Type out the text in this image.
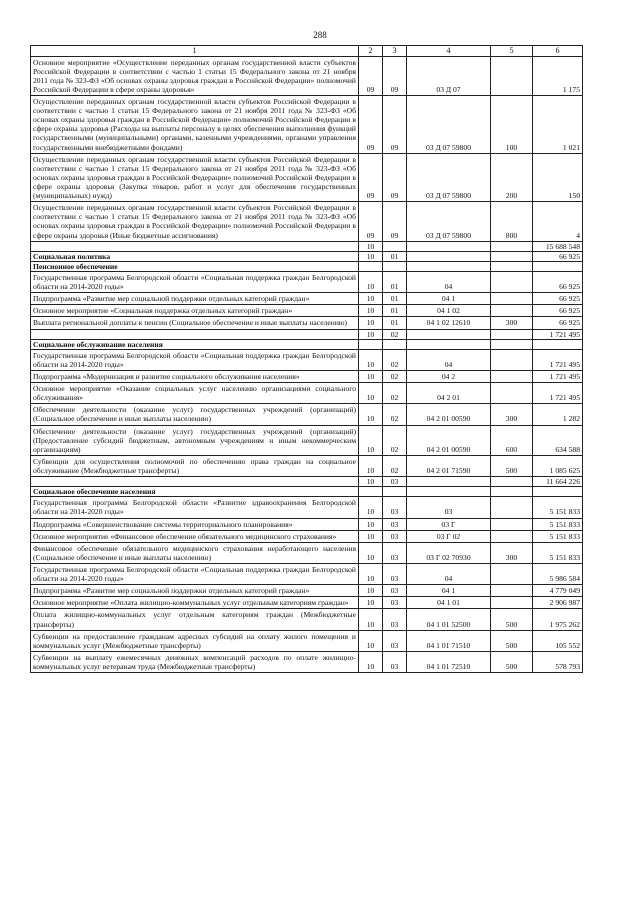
288
1	2	3	4	5	6
Основное мероприятие «Осуществление переданных органам государственной власти субъектов Российской Федерации в соответствии с частью 1 статьи 15 Федерального закона от 21 ноября 2011 года № 323-ФЗ «Об основах охраны здоровья граждан в Российской Федерации» полномочий Российской Федерации в сфере охраны здоровья»	09	09	03 Д 07		1 175
Осуществление переданных органам государственной власти субъектов Российской Федерации в соответствии с частью 1 статьи 15 Федерального закона от 21 ноября 2011 года № 323-ФЗ «Об основах охраны здоровья граждан в Российской Федерации» полномочий Российской Федерации в сфере охраны здоровья (Расходы на выплаты персоналу в целях обеспечения выполнения функций государственными (муниципальными) органами, казенными учреждениями, органами управления государственными внебюджетными фондами)	09	09	03 Д 07 59800	100	1 021
Осуществление переданных органам государственной власти субъектов Российской Федерации в соответствии с частью 1 статьи 15 Федерального закона от 21 ноября 2011 года № 323-ФЗ «Об основах охраны здоровья граждан в Российской Федерации» полномочий Российской Федерации в сфере охраны здоровья (Закупка товаров, работ и услуг для обеспечения государственных (муниципальных) нужд)	09	09	03 Д 07 59800	200	150
Осуществление переданных органам государственной власти субъектов Российской Федерации в соответствии с частью 1 статьи 15 Федерального закона от 21 ноября 2011 года № 323-ФЗ «Об основах охраны здоровья граждан в Российской Федерации» полномочий Российской Федерации в сфере охраны здоровья (Иные бюджетные ассигнования)	09	09	03 Д 07 59800	800	4
	10				15 688 548
Социальная политика	10	01			66 925
Пенсионное обеспечение					
Государственная программа Белгородской области «Социальная поддержка граждан Белгородской области на 2014-2020 годы»	10	01	04		66 925
Подпрограмма «Развитие мер социальной поддержки отдельных категорий граждан»	10	01	04 1		66 925
Основное мероприятие «Социальная поддержка отдельных категорий граждан»	10	01	04 1 02		66 925
Выплата региональной доплаты к пенсии (Социальное обеспечение и иные выплаты населению)	10	01	04 1 02 12610	300	66 925
	10	02			1 721 495
Социальное обслуживание населения					
Государственная программа Белгородской области «Социальная поддержка граждан Белгородской области на 2014-2020 годы»	10	02	04		1 721 495
Подпрограмма «Модернизация и развитие социального обслуживания населения»	10	02	04 2		1 721 495
Основное мероприятие «Оказание социальных услуг населению организациями социального обслуживания»	10	02	04 2 01		1 721 495
Обеспечение деятельности (оказание услуг) государственных учреждений (организаций) (Социальное обеспечение и иные выплаты населению)	10	02	04 2 01 00590	300	1 282
Обеспечение деятельности (оказание услуг) государственных учреждений (организаций) (Предоставление субсидий бюджетным, автономным учреждениям и иным некоммерческим организациям)	10	02	04 2 01 00590	600	634 588
Субвенции для осуществления полномочий по обеспечению права граждан на социальное обслуживание (Межбюджетные трансферты)	10	02	04 2 01 71590	500	1 085 625
	10	03			11 664 226
Социальное обеспечение населения					
Государственная программа Белгородской области «Развитие здравоохранения Белгородской области на 2014-2020 годы»	10	03	03		5 151 833
Подпрограмма «Совершенствование системы территориального планирования»	10	03	03 Г		5 151 833
Основное мероприятие «Финансовое обеспечение обязательного медицинского страхования»	10	03	03 Г 02		5 151 833
Финансовое обеспечение обязательного медицинского страхования неработающего населения (Социальное обеспечение и иные выплаты населению)	10	03	03 Г 02 70930	300	5 151 833
Государственная программа Белгородской области «Социальная поддержка граждан Белгородской области на 2014-2020 годы»	10	03	04		5 986 584
Подпрограмма «Развитие мер социальной поддержки отдельных категорий граждан»	10	03	04 1		4 779 049
Основное мероприятие «Оплата жилищно-коммунальных услуг отдельным категориям граждан»	10	03	04 1 01		2 906 987
Оплата жилищно-коммунальных услуг отдельным категориям граждан (Межбюджетные трансферты)	10	03	04 1 01 52500	500	1 975 262
Субвенции на предоставление гражданам адресных субсидий на оплату жилого помещения и коммунальных услуг (Межбюджетные трансферты)	10	03	04 1 01 71510	500	105 552
Субвенции на выплату ежемесячных денежных компенсаций расходов по оплате жилищно-коммунальных услуг ветеранам труда (Межбюджетные трансферты)	10	03	04 1 01 72510	500	578 793
